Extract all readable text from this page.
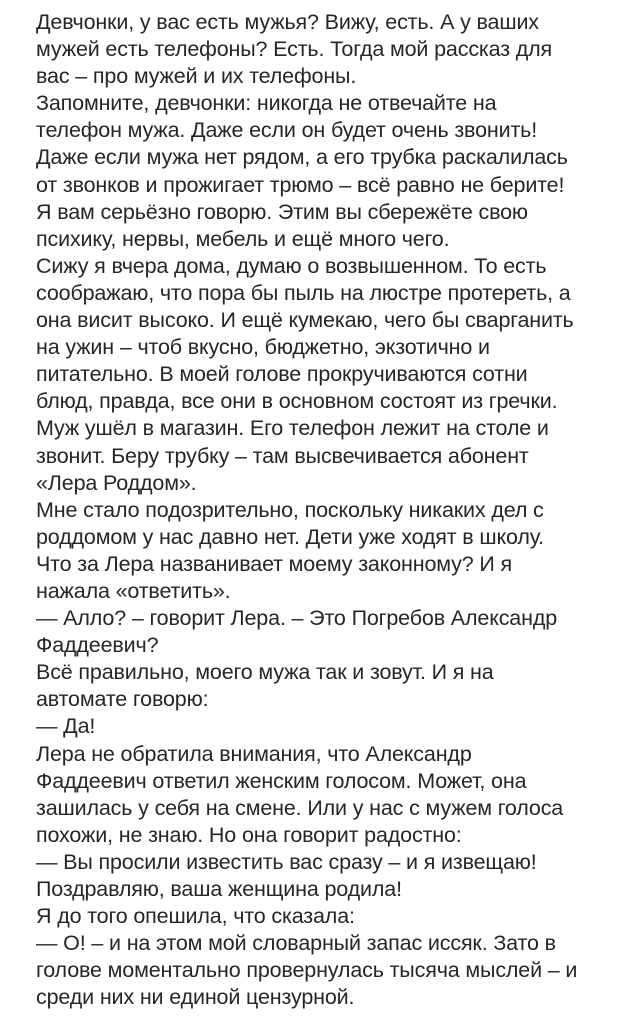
Девчонки, у вас есть мужья? Вижу, есть. А у ваших
мужей есть телефоны? Есть. Тогда мой рассказ для
вас – про мужей и их телефоны.
Запомните, девчонки: никогда не отвечайте на
телефон мужа. Даже если он будет очень звонить!
Даже если мужа нет рядом, а его трубка раскалилась
от звонков и прожигает трюмо – всё равно не берите!
Я вам серьёзно говорю. Этим вы сбережёте свою
психику, нервы, мебель и ещё много чего.
Сижу я вчера дома, думаю о возвышенном. То есть
соображаю, что пора бы пыль на люстре протереть, а
она висит высоко. И ещё кумекаю, чего бы сварганить
на ужин – чтоб вкусно, бюджетно, экзотично и
питательно. В моей голове прокручиваются сотни
блюд, правда, все они в основном состоят из гречки.
Муж ушёл в магазин. Его телефон лежит на столе и
звонит. Беру трубку – там высвечивается абонент
«Лера Роддом».
Мне стало подозрительно, поскольку никаких дел с
роддомом у нас давно нет. Дети уже ходят в школу.
Что за Лера названивает моему законному? И я
нажала «ответить».
— Алло? – говорит Лера. – Это Погребов Александр
Фаддеевич?
Всё правильно, моего мужа так и зовут. И я на
автомате говорю:
— Да!
Лера не обратила внимания, что Александр
Фаддеевич ответил женским голосом. Может, она
зашилась у себя на смене. Или у нас с мужем голоса
похожи, не знаю. Но она говорит радостно:
— Вы просили известить вас сразу – и я извещаю!
Поздравляю, ваша женщина родила!
Я до того опешила, что сказала:
— О! – и на этом мой словарный запас иссяк. Зато в
голове моментально провернулась тысяча мыслей – и
среди них ни единой цензурной.
